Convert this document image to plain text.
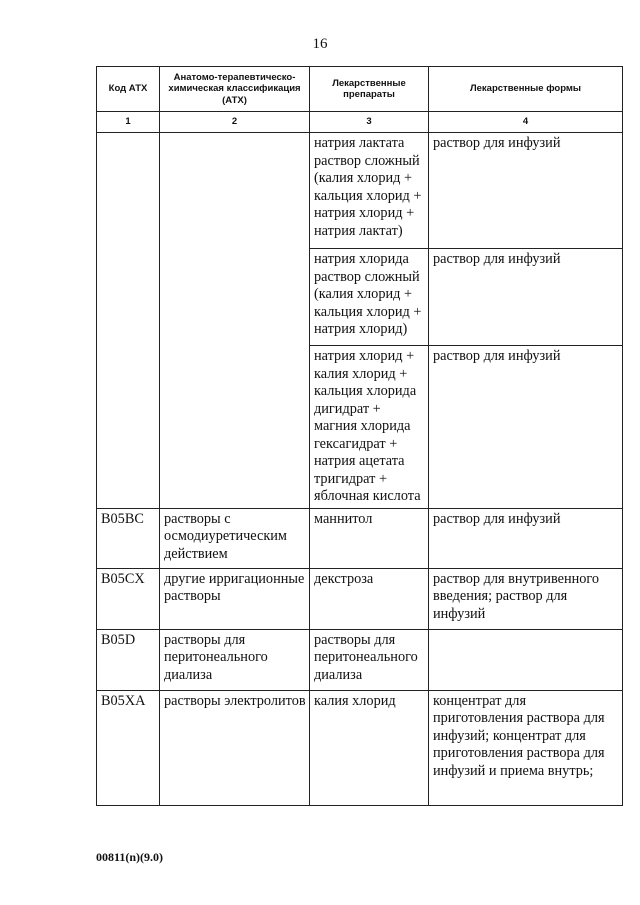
16
Код АТХ	Анатомо-терапевтическо-химическая классификация (АТХ)	Лекарственные препараты	Лекарственные формы
1	2	3	4
		натрия лактата раствор сложный (калия хлорид + кальция хлорид + натрия хлорид + натрия лактат)	раствор для инфузий
		натрия хлорида раствор сложный (калия хлорид + кальция хлорид + натрия хлорид)	раствор для инфузий
		натрия хлорид + калия хлорид + кальция хлорида дигидрат + магния хлорида гексагидрат + натрия ацетата тригидрат + яблочная кислота	раствор для инфузий
B05BC	растворы с осмодиуретическим действием	маннитол	раствор для инфузий
B05CX	другие ирригационные растворы	декстроза	раствор для внутривенного введения; раствор для инфузий
B05D	растворы для перитонеального диализа	растворы для перитонеального диализа	
B05XA	растворы электролитов	калия хлорид	концентрат для приготовления раствора для инфузий; концентрат для приготовления раствора для инфузий и приема внутрь;
00811(n)(9.0)
